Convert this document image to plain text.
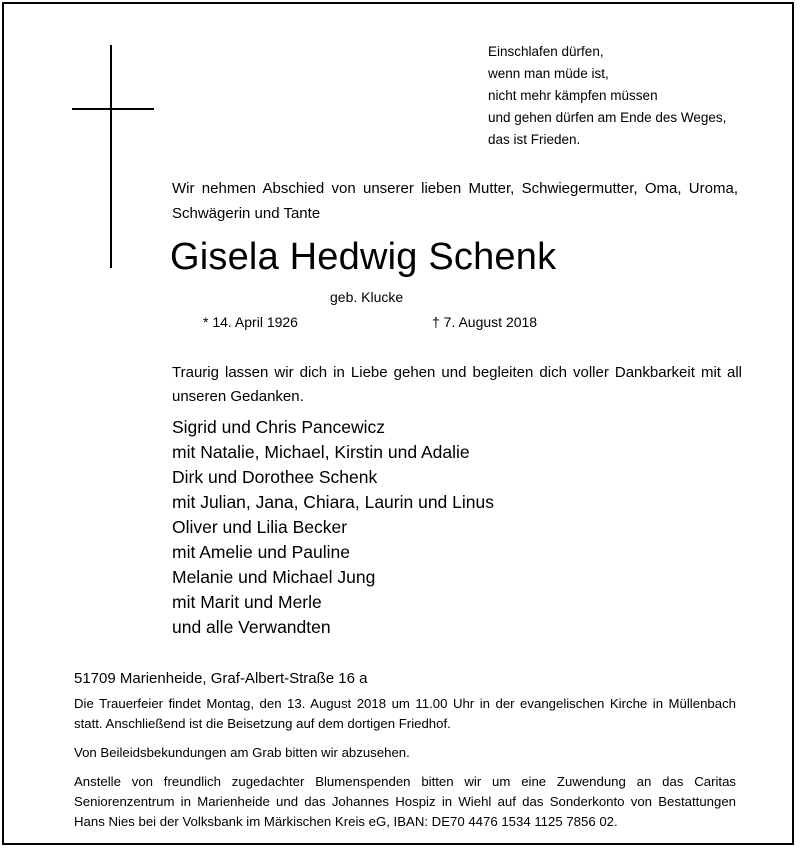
Einschlafen dürfen,
wenn man müde ist,
nicht mehr kämpfen müssen
und gehen dürfen am Ende des Weges,
das ist Frieden.
Wir nehmen Abschied von unserer lieben Mutter, Schwiegermutter, Oma, Uroma, Schwägerin und Tante
Gisela Hedwig Schenk
geb. Klucke
* 14. April 1926	† 7. August 2018
Traurig lassen wir dich in Liebe gehen und begleiten dich voller Dankbarkeit mit all unseren Gedanken.
Sigrid und Chris Pancewicz
mit Natalie, Michael, Kirstin und Adalie
Dirk und Dorothee Schenk
mit Julian, Jana, Chiara, Laurin und Linus
Oliver und Lilia Becker
mit Amelie und Pauline
Melanie und Michael Jung
mit Marit und Merle
und alle Verwandten
51709 Marienheide, Graf-Albert-Straße 16 a
Die Trauerfeier findet Montag, den 13. August 2018 um 11.00 Uhr in der evangelischen Kirche in Müllenbach statt. Anschließend ist die Beisetzung auf dem dortigen Friedhof.
Von Beileidsbekundungen am Grab bitten wir abzusehen.
Anstelle von freundlich zugedachter Blumenspenden bitten wir um eine Zuwendung an das Caritas Seniorenzentrum in Marienheide und das Johannes Hospiz in Wiehl auf das Sonderkonto von Bestattungen Hans Nies bei der Volksbank im Märkischen Kreis eG, IBAN: DE70 4476 1534 1125 7856 02.
